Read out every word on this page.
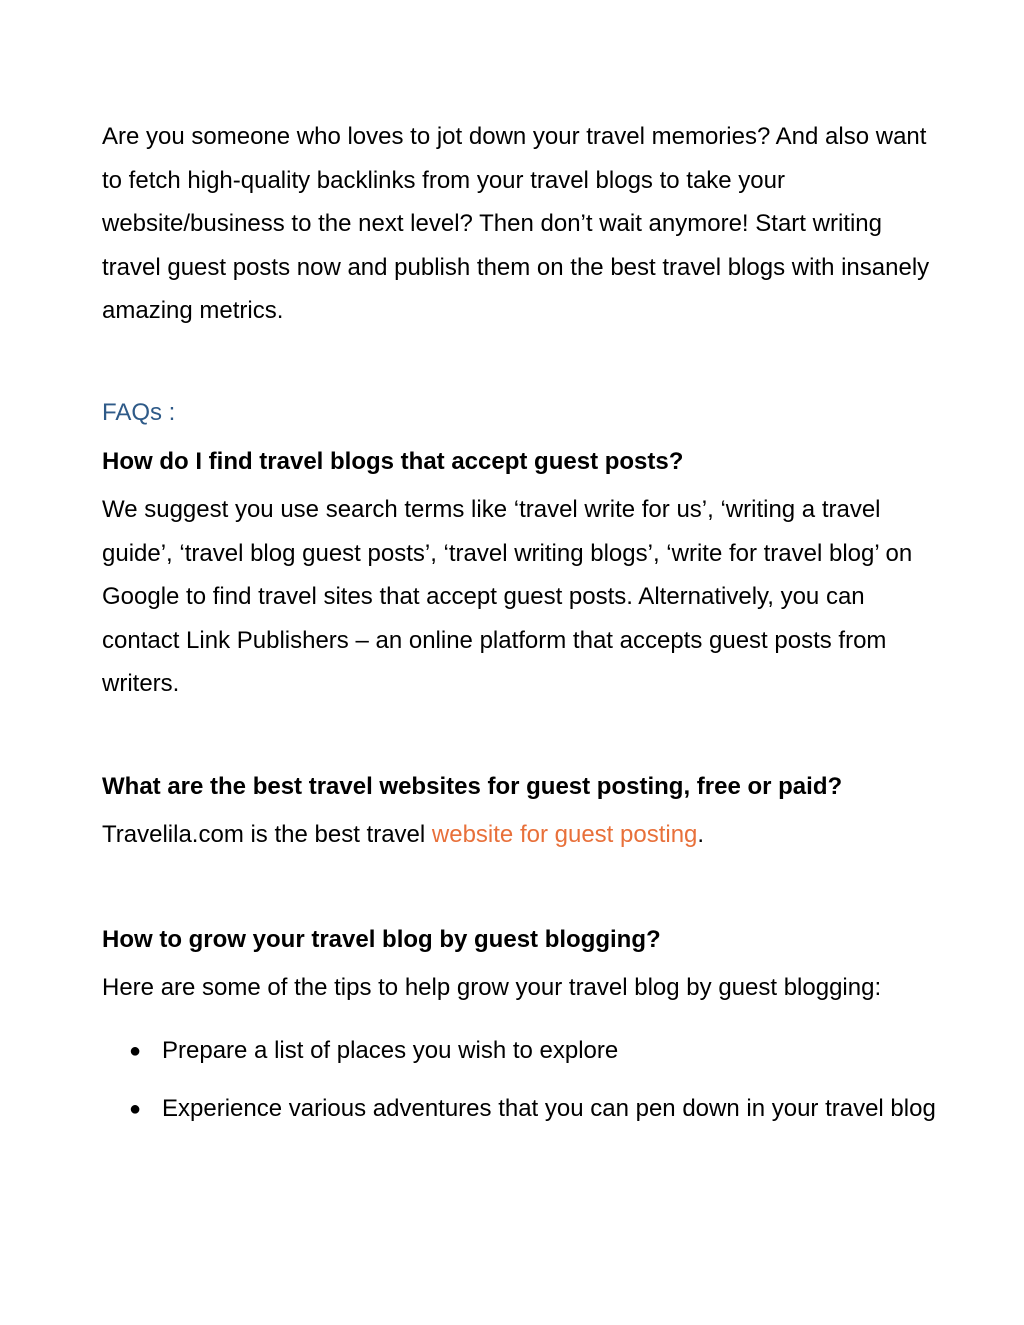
Are you someone who loves to jot down your travel memories? And also want to fetch high-quality backlinks from your travel blogs to take your website/business to the next level? Then don’t wait anymore! Start writing travel guest posts now and publish them on the best travel blogs with insanely amazing metrics.

FAQs :
How do I find travel blogs that accept guest posts?

We suggest you use search terms like ‘travel write for us’, ‘writing a travel guide’, ‘travel blog guest posts’, ‘travel writing blogs’, ‘write for travel blog’ on Google to find travel sites that accept guest posts. Alternatively, you can contact Link Publishers – an online platform that accepts guest posts from writers.

What are the best travel websites for guest posting, free or paid?

Travelila.com is the best travel website for guest posting.

How to grow your travel blog by guest blogging?

Here are some of the tips to help grow your travel blog by guest blogging:

● Prepare a list of places you wish to explore
● Experience various adventures that you can pen down in your travel blog
